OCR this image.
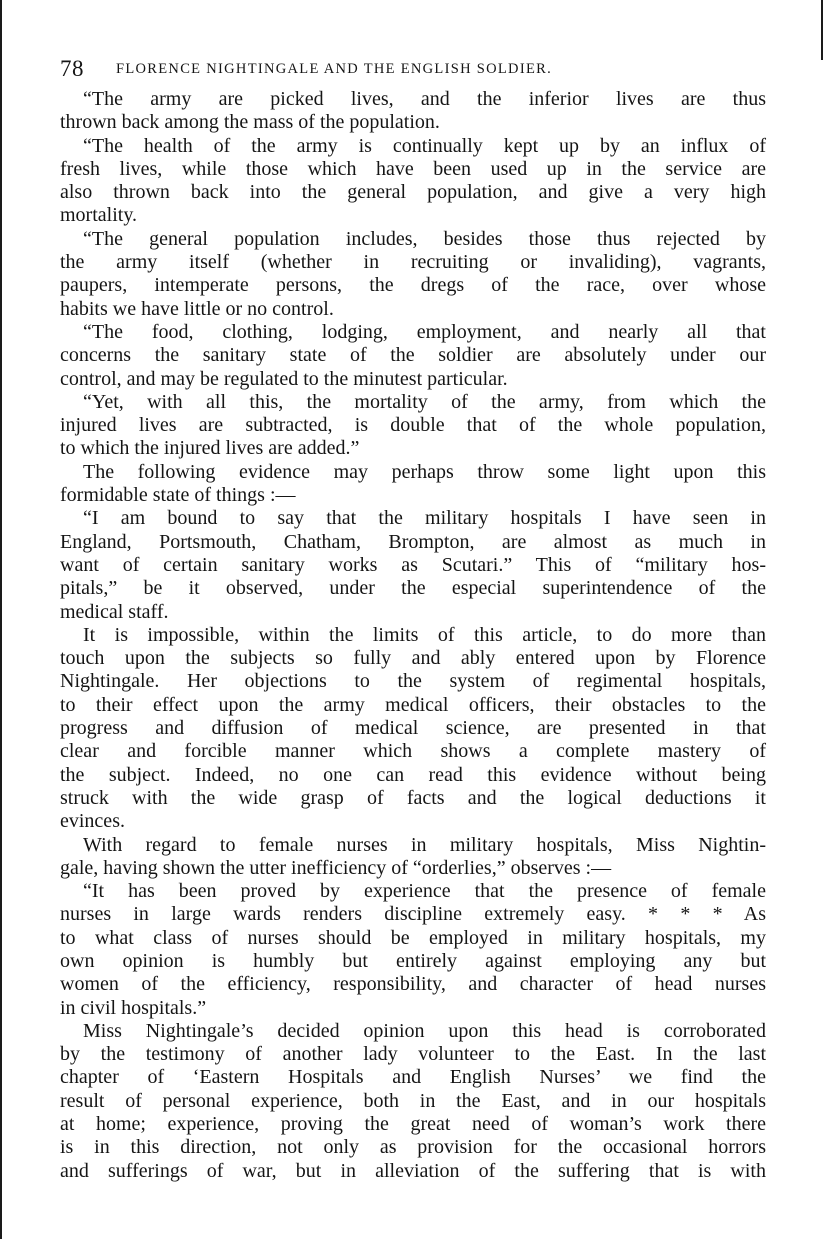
78 FLORENCE NIGHTINGALE AND THE ENGLISH SOLDIER.
“The army are picked lives, and the inferior lives are thus
thrown back among the mass of the population.
“The health of the army is continually kept up by an influx of
fresh lives, while those which have been used up in the service are
also thrown back into the general population, and give a very high
mortality.
“The general population includes, besides those thus rejected by
the army itself (whether in recruiting or invaliding), vagrants,
paupers, intemperate persons, the dregs of the race, over whose
habits we have little or no control.
“The food, clothing, lodging, employment, and nearly all that
concerns the sanitary state of the soldier are absolutely under our
control, and may be regulated to the minutest particular.
“Yet, with all this, the mortality of the army, from which the
injured lives are subtracted, is double that of the whole population,
to which the injured lives are added.”
The following evidence may perhaps throw some light upon this
formidable state of things :—
“I am bound to say that the military hospitals I have seen in
England, Portsmouth, Chatham, Brompton, are almost as much in
want of certain sanitary works as Scutari.” This of “military hos-
pitals,” be it observed, under the especial superintendence of the
medical staff.
It is impossible, within the limits of this article, to do more than
touch upon the subjects so fully and ably entered upon by Florence
Nightingale. Her objections to the system of regimental hospitals,
to their effect upon the army medical officers, their obstacles to the
progress and diffusion of medical science, are presented in that
clear and forcible manner which shows a complete mastery of
the subject. Indeed, no one can read this evidence without being
struck with the wide grasp of facts and the logical deductions it
evinces.
With regard to female nurses in military hospitals, Miss Nightin-
gale, having shown the utter inefficiency of “orderlies,” observes :—
“It has been proved by experience that the presence of female
nurses in large wards renders discipline extremely easy. * * * As
to what class of nurses should be employed in military hospitals, my
own opinion is humbly but entirely against employing any but
women of the efficiency, responsibility, and character of head nurses
in civil hospitals.”
Miss Nightingale’s decided opinion upon this head is corroborated
by the testimony of another lady volunteer to the East. In the last
chapter of ‘Eastern Hospitals and English Nurses’ we find the
result of personal experience, both in the East, and in our hospitals
at home; experience, proving the great need of woman’s work there
is in this direction, not only as provision for the occasional horrors
and sufferings of war, but in alleviation of the suffering that is with
